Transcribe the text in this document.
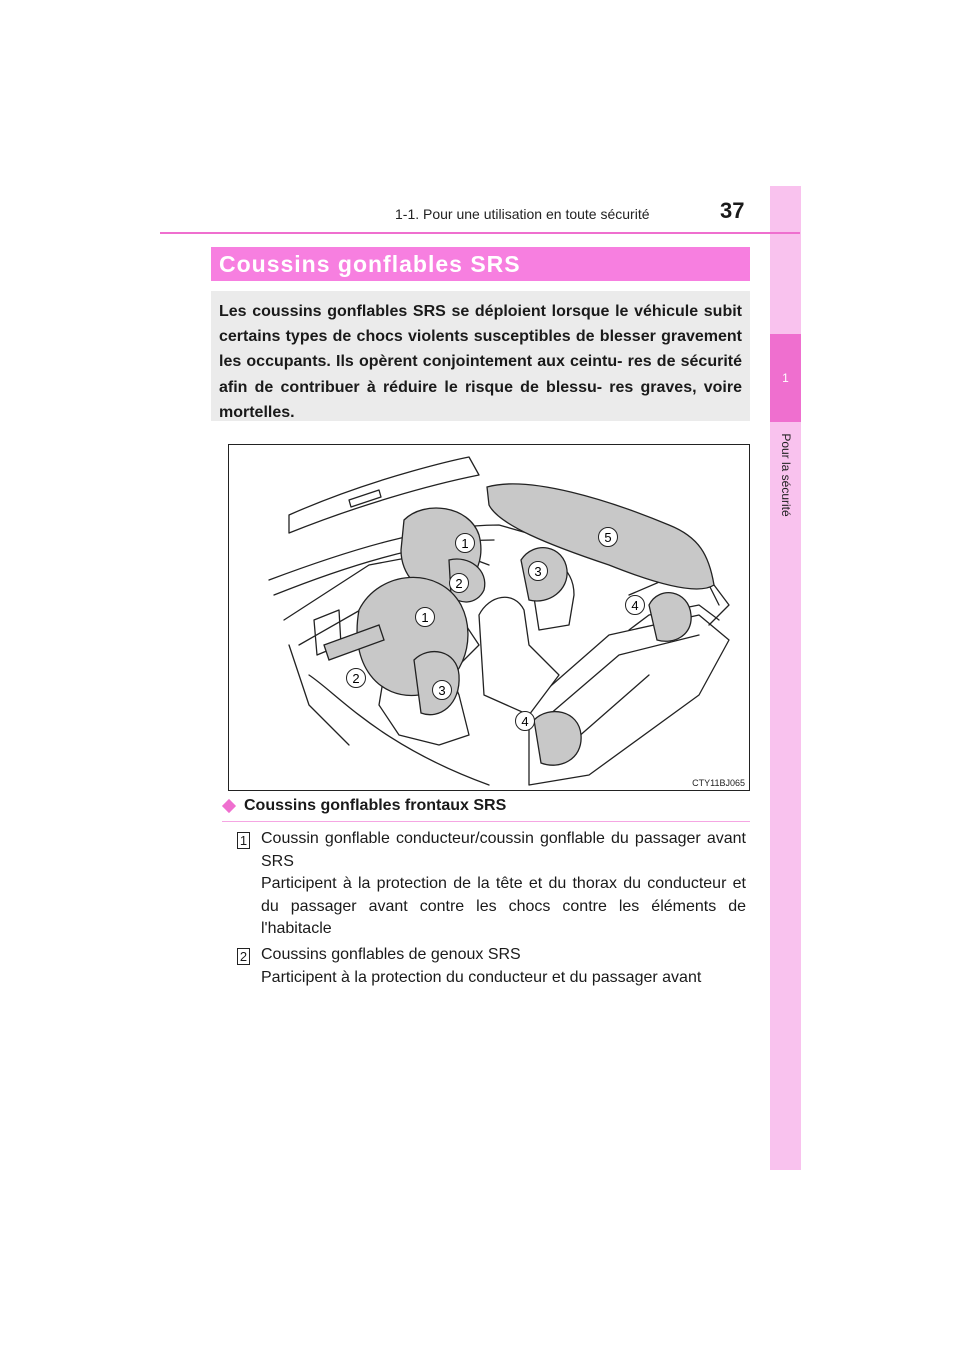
1
Pour la sécurité
1-1. Pour une utilisation en toute sécurité	37
Coussins gonflables SRS
Les coussins gonflables SRS se déploient lorsque le véhicule subit certains types de chocs violents susceptibles de blesser gravement les occupants. Ils opèrent conjointement aux ceintu- res de sécurité afin de contribuer à réduire le risque de blessu- res graves, voire mortelles.
1
2
3
5
4
1
2
3
4
CTY11BJ065
Coussins gonflables frontaux SRS
1 Coussin gonflable conducteur/coussin gonflable du passager avant SRS

Participent à la protection de la tête et du thorax du conducteur et du passager avant contre les chocs contre les éléments de l'habitacle

2 Coussins gonflables de genoux SRS

Participent à la protection du conducteur et du passager avant
